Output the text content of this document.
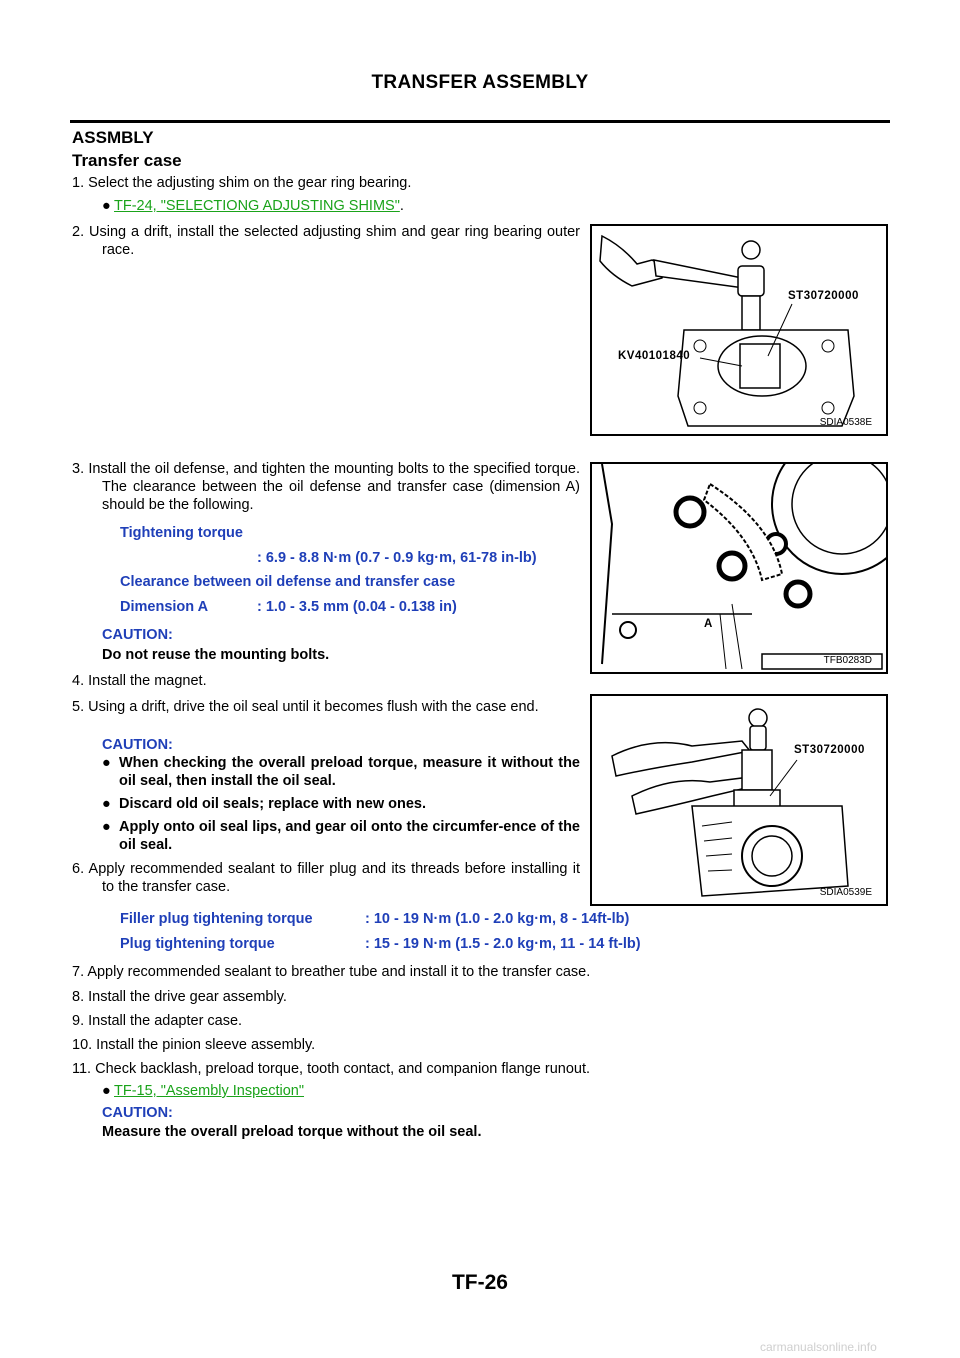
TRANSFER ASSEMBLY
ASSMBLY
Transfer case
1. Select the adjusting shim on the gear ring bearing.
● TF-24, "SELECTIONG ADJUSTING SHIMS".
2. Using a drift, install the selected adjusting shim and gear ring bearing outer race.
ST30720000
KV40101840
SDIA0538E
3. Install the oil defense, and tighten the mounting bolts to the specified torque. The clearance between the oil defense and transfer case (dimension A) should be the following.
Tightening torque
: 6.9 - 8.8 N·m (0.7 - 0.9 kg·m, 61-78 in-lb)
Clearance between oil defense and transfer case
Dimension A	: 1.0 - 3.5 mm (0.04 - 0.138 in)
CAUTION:
Do not reuse the mounting bolts.
A
TFB0283D
4. Install the magnet.
5. Using a drift, drive the oil seal until it becomes flush with the case end.
CAUTION:
● When checking the overall preload torque, measure it without the oil seal, then install the oil seal.
● Discard old oil seals; replace with new ones.
● Apply onto oil seal lips, and gear oil onto the circumfer-ence of the oil seal.
ST30720000
SDIA0539E
6. Apply recommended sealant to filler plug and its threads before installing it to the transfer case.
Filler plug tightening torque	: 10 - 19 N·m (1.0 - 2.0 kg·m, 8 - 14ft-lb)
Plug tightening torque	: 15 - 19 N·m (1.5 - 2.0 kg·m, 11 - 14 ft-lb)
7. Apply recommended sealant to breather tube and install it to the transfer case.
8. Install the drive gear assembly.
9. Install the adapter case.
10. Install the pinion sleeve assembly.
11. Check backlash, preload torque, tooth contact, and companion flange runout.
● TF-15, "Assembly Inspection"
CAUTION:
Measure the overall preload torque without the oil seal.
TF-26
carmanualsonline.info
